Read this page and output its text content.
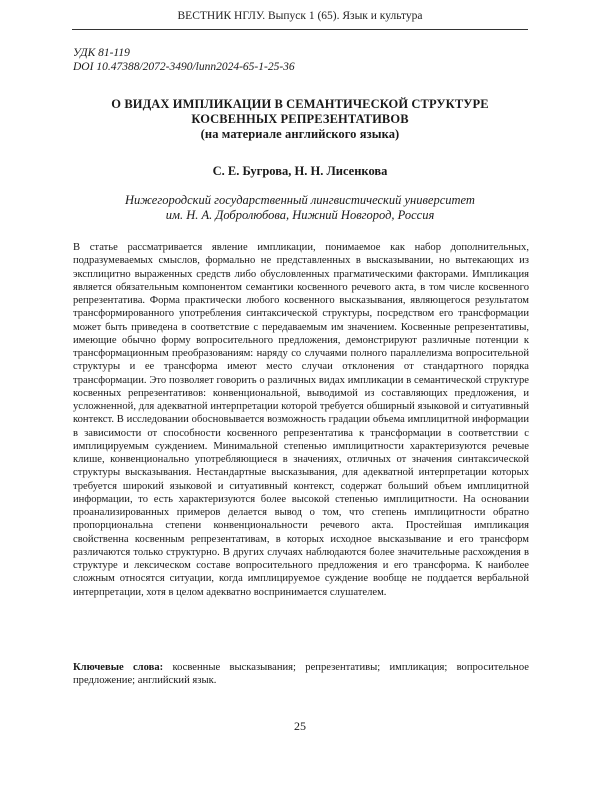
ВЕСТНИК НГЛУ. Выпуск 1 (65). Язык и культура
УДК 81-119
DOI 10.47388/2072-3490/lunn2024-65-1-25-36
О ВИДАХ ИМПЛИКАЦИИ В СЕМАНТИЧЕСКОЙ СТРУКТУРЕ
КОСВЕННЫХ РЕПРЕЗЕНТАТИВОВ
(на материале английского языка)
С. Е. Бугрова, Н. Н. Лисенкова
Нижегородский государственный лингвистический университет
им. Н. А. Добролюбова, Нижний Новгород, Россия

В статье рассматривается явление импликации, понимаемое как набор дополнительных, подразумеваемых смыслов, формально не представленных в высказывании, но вытекающих из эксплицитно выраженных средств либо обусловленных прагматическими факторами. Импликация является обязательным компонентом семантики косвенного речевого акта, в том числе косвенного репрезентатива. Форма практически любого косвенного высказывания, являющегося результатом трансформированного употребления синтаксической структуры, посредством его трансформации может быть приведена в соответствие с передаваемым им значением. Косвенные репрезентативы, имеющие обычно форму вопросительного предложения, демонстрируют различные потенции к трансформационным преобразованиям: наряду со случаями полного параллелизма вопросительной структуры и ее трансформа имеют место случаи отклонения от стандартного порядка трансформации. Это позволяет говорить о различных видах импликации в семантической структуре косвенных репрезентативов: конвенциональной, выводимой из составляющих предложения, и усложненной, для адекватной интерпретации которой требуется обширный языковой и ситуативный контекст. В исследовании обосновывается возможность градации объема имплицитной информации в зависимости от способности косвенного репрезентатива к трансформации в соответствии с имплицируемым суждением. Минимальной степенью имплицитности характеризуются речевые клише, конвенционально употребляющиеся в значениях, отличных от значения синтаксической структуры высказывания. Нестандартные высказывания, для адекватной интерпретации которых требуется широкий языковой и ситуативный контекст, содержат больший объем имплицитной информации, то есть характеризуются более высокой степенью имплицитности. На основании проанализированных примеров делается вывод о том, что степень имплицитности обратно пропорциональна степени конвенциональности речевого акта. Простейшая импликация свойственна косвенным репрезентативам, в которых исходное высказывание и его трансформ различаются только структурно. В других случаях наблюдаются более значительные расхождения в структуре и лексическом составе вопросительного предложения и его трансформа. К наиболее сложным относятся ситуации, когда имплицируемое суждение вообще не поддается вербальной интерпретации, хотя в целом адекватно воспринимается слушателем.

Ключевые слова: косвенные высказывания; репрезентативы; импликация; вопросительное предложение; английский язык.

25
